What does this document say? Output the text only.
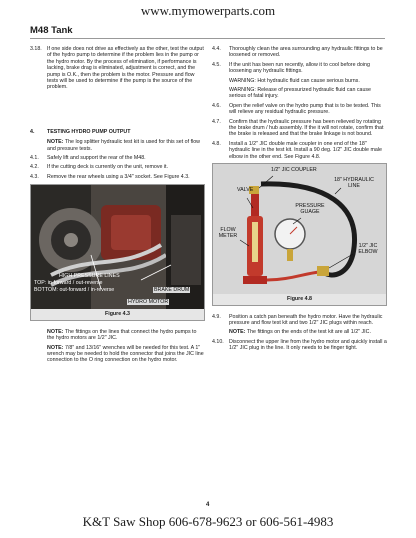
www.mymowerparts.com
M48 Tank
3.18. If one side does not drive as effectively as the other, test the output of the hydro pump to determine if the problem lies in the pump or the hydro motor. By the process of elimination, if performance is lacking, brake drag is eliminated, adjustment is correct, and the pump is O.K., then the problem is the motor. Pressure and flow tests will be used to determine if the pump is the source of the problem.
4.	TESTING HYDRO PUMP OUTPUT
NOTE: The log splitter hydraulic test kit is used for this set of flow and pressure tests.
4.1.	Safely lift and support the rear of the M48.
4.2.	If the cutting deck is currently on the unit, remove it.
4.3.	Remove the rear wheels using a 3/4" socket. See Figure 4.3.
HIGH PRESSURE LINES
TOP: in-forward / out-reverse
BOTTOM: out-forward / in-reverse	BRAKE DRUM
HYDRO MOTOR
Figure 4.3
NOTE: The fittings on the lines that connect the hydro pumps to the hydro motors are 1/2" JIC.
NOTE: 7/8" and 13/16" wrenches will be needed for this test. A 1" wrench may be needed to hold the connector that joins the JIC line connection to the O ring connection on the hydro motor.
4.4.	Thoroughly clean the area surrounding any hydraulic fittings to be loosened or removed.
4.5.	If the unit has been run recently, allow it to cool before doing loosening any hydraulic fittings.
WARNING: Hot hydraulic fluid can cause serious burns.
WARNING: Release of pressurized hydraulic fluid can cause serious of fatal injury.
4.6.	Open the relief valve on the hydro pump that is to be tested. This will relieve any residual hydraulic pressure.
4.7.	Confirm that the hydraulic pressure has been relieved by rotating the brake drum / hub assembly. If the it will not rotate, confirm that the brake is released and that the brake linkage is not bound.
4.8.	Install a 1/2" JIC double male coupler in one end of the 18" hydraulic line in the test kit. Install a 90 deg. 1/2" JIC double male elbow in the other end. See Figure 4.8.
1/2" JIC COUPLER
VALVE
18" HYDRAULIC LINE
PRESSURE GUAGE
FLOW METER
1/2" JIC ELBOW
Figure 4.8
4.9.	Position a catch pan beneath the hydro motor. Have the hydraulic pressure and flow test kit and two 1/2" JIC plugs within reach.
NOTE: The fittings on the ends of the test kit are all 1/2" JIC.
4.10. Disconnect the upper line from the hydro motor and quickly install a 1/2" JIC plug in the line. It only needs to be finger tight.
4
K&T Saw Shop 606-678-9623 or 606-561-4983
